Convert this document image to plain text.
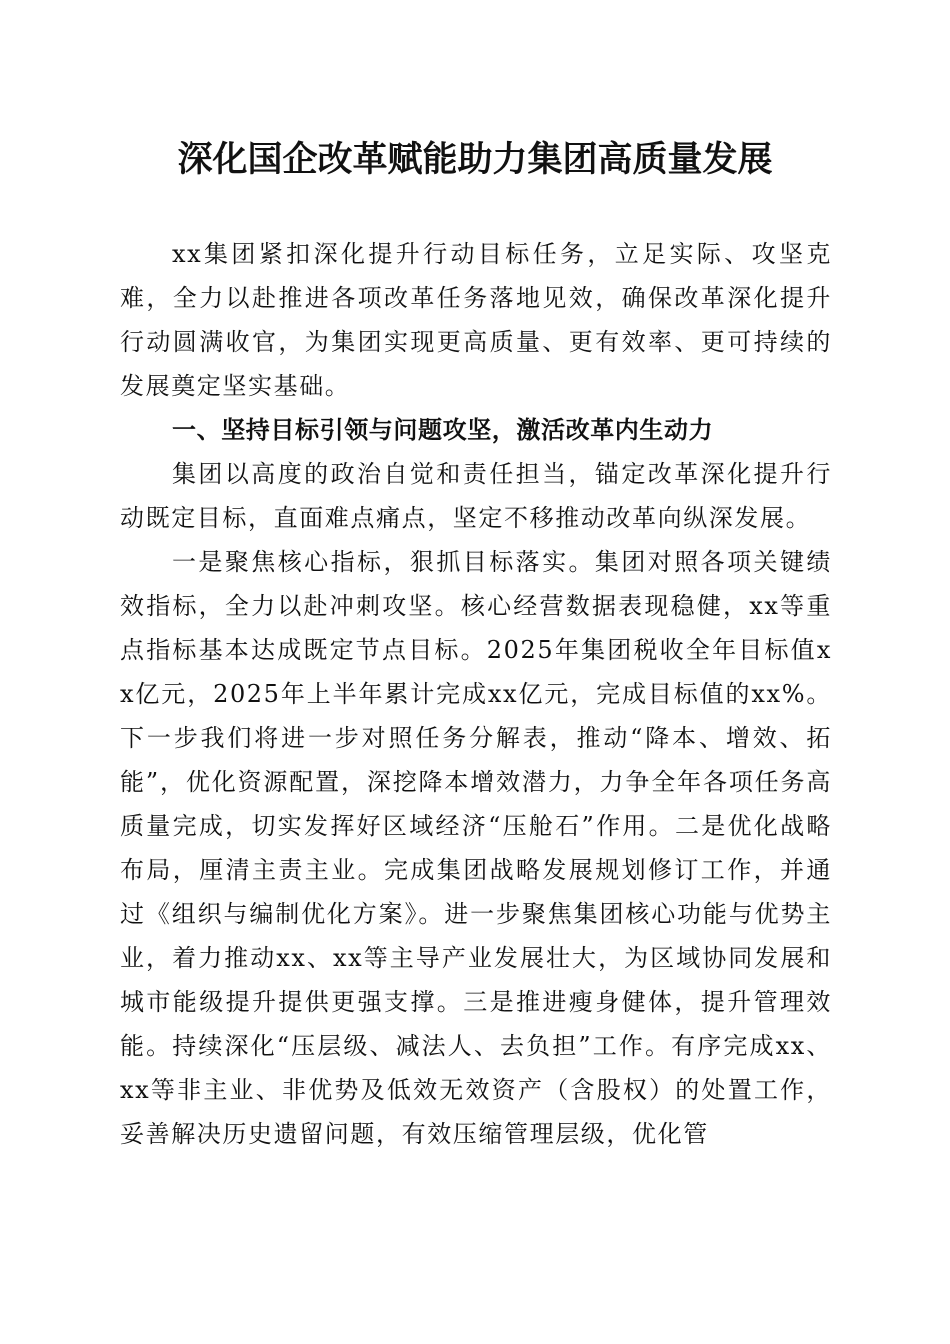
深化国企改革赋能助力集团高质量发展

xx集团紧扣深化提升行动目标任务，立足实际、攻坚克难，全力以赴推进各项改革任务落地见效，确保改革深化提升行动圆满收官，为集团实现更高质量、更有效率、更可持续的发展奠定坚实基础。

一、坚持目标引领与问题攻坚，激活改革内生动力

集团以高度的政治自觉和责任担当，锚定改革深化提升行动既定目标，直面难点痛点，坚定不移推动改革向纵深发展。

一是聚焦核心指标，狠抓目标落实。集团对照各项关键绩效指标，全力以赴冲刺攻坚。核心经营数据表现稳健，xx等重点指标基本达成既定节点目标。2025年集团税收全年目标值xx亿元，2025年上半年累计完成xx亿元，完成目标值的xx%。下一步我们将进一步对照任务分解表，推动“降本、增效、拓能”，优化资源配置，深挖降本增效潜力，力争全年各项任务高质量完成，切实发挥好区域经济“压舱石”作用。二是优化战略布局，厘清主责主业。完成集团战略发展规划修订工作，并通过《组织与编制优化方案》。进一步聚焦集团核心功能与优势主业，着力推动xx、xx等主导产业发展壮大，为区域协同发展和城市能级提升提供更强支撑。三是推进瘦身健体，提升管理效能。持续深化“压层级、减法人、去负担”工作。有序完成xx、xx等非主业、非优势及低效无效资产（含股权）的处置工作，妥善解决历史遗留问题，有效压缩管理层级，优化管
